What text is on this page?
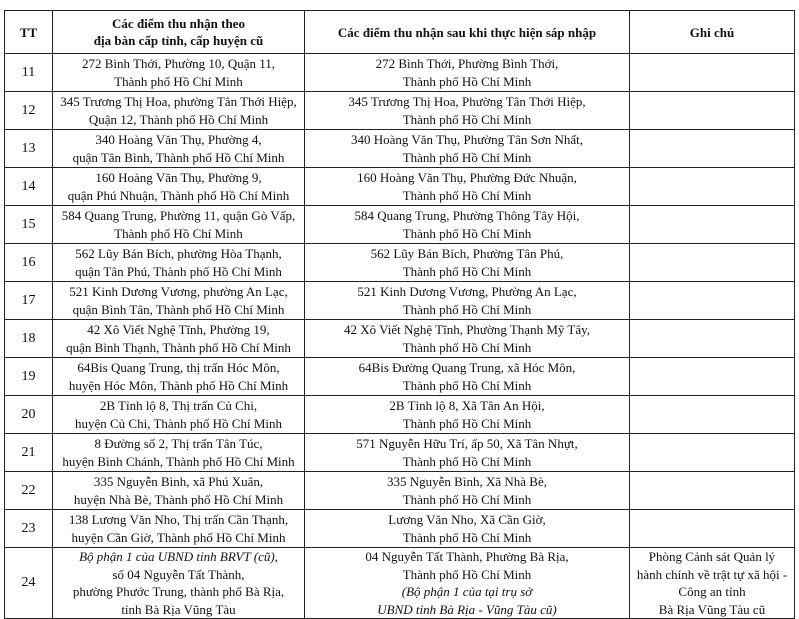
TT	Các điểm thu nhận theo
địa bàn cấp tỉnh, cấp huyện cũ	Các điểm thu nhận sau khi thực hiện sáp nhập	Ghi chú
11	272 Bình Thới, Phường 10, Quận 11,
Thành phố Hồ Chí Minh	272 Bình Thới, Phường Bình Thới,
Thành phố Hồ Chí Minh	

12	345 Trương Thị Hoa, phường Tân Thới Hiệp,
Quận 12, Thành phố Hồ Chí Minh	345 Trương Thị Hoa, Phường Tân Thới Hiệp,
Thành phố Hồ Chí Minh	

13	340 Hoàng Văn Thụ, Phường 4,
quận Tân Bình, Thành phố Hồ Chí Minh	340 Hoàng Văn Thụ, Phường Tân Sơn Nhất,
Thành phố Hồ Chí Minh	

14	160 Hoàng Văn Thụ, Phường 9,
quận Phú Nhuận, Thành phố Hồ Chí Minh	160 Hoàng Văn Thụ, Phường Đức Nhuận,
Thành phố Hồ Chí Minh	

15	584 Quang Trung, Phường 11, quận Gò Vấp,
Thành phố Hồ Chí Minh	584 Quang Trung, Phường Thông Tây Hội,
Thành phố Hồ Chí Minh	

16	562 Lũy Bán Bích, phường Hòa Thạnh,
quận Tân Phú, Thành phố Hồ Chí Minh	562 Lũy Bán Bích, Phường Tân Phú,
Thành phố Hồ Chí Minh	

17	521 Kinh Dương Vương, phường An Lạc,
quận Bình Tân, Thành phố Hồ Chí Minh	521 Kinh Dương Vương, Phường An Lạc,
Thành phố Hồ Chí Minh	

18	42 Xô Viết Nghệ Tĩnh, Phường 19,
quận Bình Thạnh, Thành phố Hồ Chí Minh	42 Xô Viết Nghệ Tĩnh, Phường Thạnh Mỹ Tây,
Thành phố Hồ Chí Minh	

19	64Bis Quang Trung, thị trấn Hóc Môn,
huyện Hóc Môn, Thành phố Hồ Chí Minh	64Bis Đường Quang Trung, xã Hóc Môn,
Thành phố Hồ Chí Minh	

20	2B Tỉnh lộ 8, Thị trấn Củ Chi,
huyện Củ Chi, Thành phố Hồ Chí Minh	2B Tỉnh lộ 8, Xã Tân An Hội,
Thành phố Hồ Chí Minh	

21	8 Đường số 2, Thị trấn Tân Túc,
huyện Bình Chánh, Thành phố Hồ Chí Minh	571 Nguyễn Hữu Trí, ấp 50, Xã Tân Nhựt,
Thành phố Hồ Chí Minh	

22	335 Nguyễn Bình, xã Phú Xuân,
huyện Nhà Bè, Thành phố Hồ Chí Minh	335 Nguyễn Bình, Xã Nhà Bè,
Thành phố Hồ Chí Minh	

23	138 Lương Văn Nho, Thị trấn Cần Thạnh,
huyện Cần Giờ, Thành phố Hồ Chí Minh	Lương Văn Nho, Xã Cần Giờ,
Thành phố Hồ Chí Minh	

24	Bộ phận 1 của UBND tỉnh BRVT (cũ),
số 04 Nguyễn Tất Thành,
phường Phước Trung, thành phố Bà Rịa,
tỉnh Bà Rịa Vũng Tàu	04 Nguyễn Tất Thành, Phường Bà Rịa,
Thành phố Hồ Chí Minh
(Bộ phận 1 của tại trụ sở
UBND tỉnh Bà Rịa - Vũng Tàu cũ)	Phòng Cảnh sát Quản lý
hành chính về trật tự xã hội -
Công an tỉnh
Bà Rịa Vũng Tàu cũ
